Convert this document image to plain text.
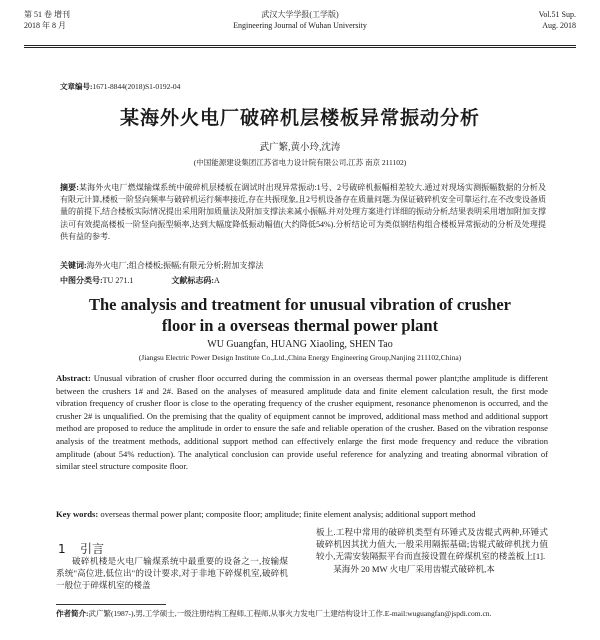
第 51 卷 增刊
2018 年 8 月
武汉大学学报(工学版)
Engineering Journal of Wuhan University
Vol.51 Sup.
Aug. 2018
文章编号:1671-8844(2018)S1-0192-04
某海外火电厂破碎机层楼板异常振动分析
武广繁,黄小玲,沈涛
(中国能源建设集团江苏省电力设计院有限公司,江苏 南京 211102)
摘要:某海外火电厂燃煤输煤系统中破碎机层楼板在调试时出现异常振动:1号、2号破碎机振幅相差较大.通过对现场实测振幅数据的分析及有限元计算,楼板一阶竖向频率与破碎机运行频率接近,存在共振现象,且2号机设备存在质量问题.为保证破碎机安全可靠运行,在不改变设备质量的前提下,结合楼板实际情况提出采用附加质量法及附加支撑法来减小振幅.并对处理方案进行详细的振动分析,结果表明采用增加附加支撑法可有效提高楼板一阶竖向振型频率,达到大幅度降低振动幅值(大约降低54%).分析结论可为类似钢结构组合楼板异常振动的分析及处理提供有益的参考.
关键词:海外火电厂;组合楼板;振幅;有限元分析;附加支撑法
中图分类号:TU 271.1	文献标志码:A
The analysis and treatment for unusual vibration of crusher
floor in a overseas thermal power plant
WU Guangfan, HUANG Xiaoling, SHEN Tao
(Jiangsu Electric Power Design Institute Co.,Ltd.,China Energy Engineering Group,Nanjing 211102,China)
Abstract: Unusual vibration of crusher floor occurred during the commission in an overseas thermal power plant;the amplitude is different between the crushers 1# and 2#. Based on the analyses of measured amplitude data and finite element calculation result, the first mode vibration frequency of crusher floor is close to the operating frequency of the crusher equipment, resonance phenomenon is occurred, and the crusher 2# is unqualified. On the premising that the quality of equipment cannot be improved, additional mass method and additional support method are proposed to reduce the amplitude in order to ensure the safe and reliable operation of the crusher. Based on the vibration response analysis of the treatment methods, additional support method can effectively enlarge the first mode frequency and reduce the vibration amplitude (about 54% reduction). The analytical conclusion can provide useful reference for analyzing and treating abnormal vibration of similar steel structure composite floor.
Key words: overseas thermal power plant; composite floor; amplitude; finite element analysis; additional support method
1 引言
破碎机楼是火电厂输煤系统中最重要的设备之一,按输煤系统"高位进,低位出"的设计要求,对于非地下碎煤机室,破碎机一般位于碎煤机室的楼盖
板上.工程中常用的破碎机类型有环锤式及齿辊式两种,环锤式破碎机因其扰力值大,一般采用隔振基础;齿辊式破碎机扰力值较小,无需安装隔振平台而直接设置在碎煤机室的楼盖板上[1].
　　某海外 20 MW 火电厂采用齿辊式破碎机,本
作者简介:武广繁(1987-),男,工学硕士,一级注册结构工程师,工程师,从事火力发电厂土建结构设计工作.E-mail:wuguangfan@jspdi.com.cn.
